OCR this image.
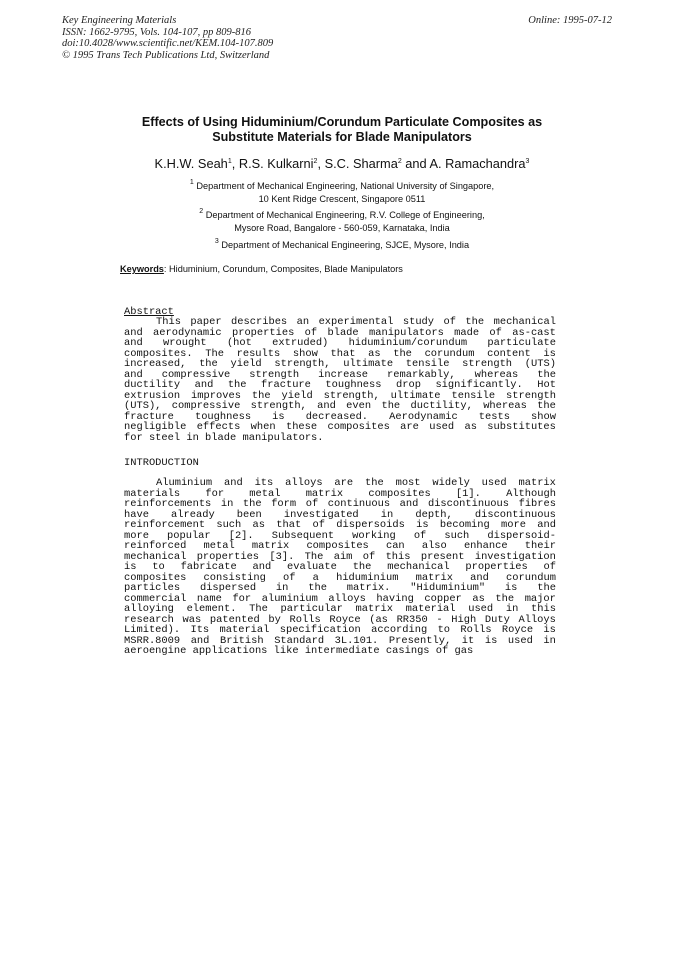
Key Engineering Materials
ISSN: 1662-9795, Vols. 104-107, pp 809-816
doi:10.4028/www.scientific.net/KEM.104-107.809
© 1995 Trans Tech Publications Ltd, Switzerland
Online: 1995-07-12
Effects of Using Hiduminium/Corundum Particulate Composites as
Substitute Materials for Blade Manipulators
K.H.W. Seah$^1$, R.S. Kulkarni$^2$, S.C. Sharma$^2$ and A. Ramachandra$^3$
$^1$ Department of Mechanical Engineering, National University of Singapore,
10 Kent Ridge Crescent, Singapore 0511
$^2$ Department of Mechanical Engineering, R.V. College of Engineering,
Mysore Road, Bangalore - 560-059, Karnataka, India
$^3$ Department of Mechanical Engineering, SJCE, Mysore, India
Keywords: Hiduminium, Corundum, Composites, Blade Manipulators
Abstract
This paper describes an experimental study of the mechanical
and aerodynamic properties of blade manipulators made of as-cast
and wrought (hot extruded) hiduminium/corundum particulate
composites. The results show that as the corundum content is
increased, the yield strength, ultimate tensile strength (UTS)
and compressive strength increase remarkably, whereas the
ductility and the fracture toughness drop significantly. Hot
extrusion improves the yield strength, ultimate tensile strength
(UTS), compressive strength, and even the ductility, whereas the
fracture toughness is decreased. Aerodynamic tests show
negligible effects when these composites are used as substitutes
for steel in blade manipulators.
INTRODUCTION
Aluminium and its alloys are the most widely used matrix
materials for metal matrix composites [1]. Although
reinforcements in the form of continuous and discontinuous fibres
have already been investigated in depth, discontinuous
reinforcement such as that of dispersoids is becoming more and
more popular [2]. Subsequent working of such dispersoid-
reinforced metal matrix composites can also enhance their
mechanical properties [3]. The aim of this present investigation
is to fabricate and evaluate the mechanical properties of
composites consisting of a hiduminium matrix and corundum
particles dispersed in the matrix. "Hiduminium" is the
commercial name for aluminium alloys having copper as the major
alloying element. The particular matrix material used in this
research was patented by Rolls Royce (as RR350 - High Duty Alloys
Limited). Its material specification according to Rolls Royce is
MSRR.8009 and British Standard 3L.101. Presently, it is used in
aeroengine applications like intermediate casings of gas
